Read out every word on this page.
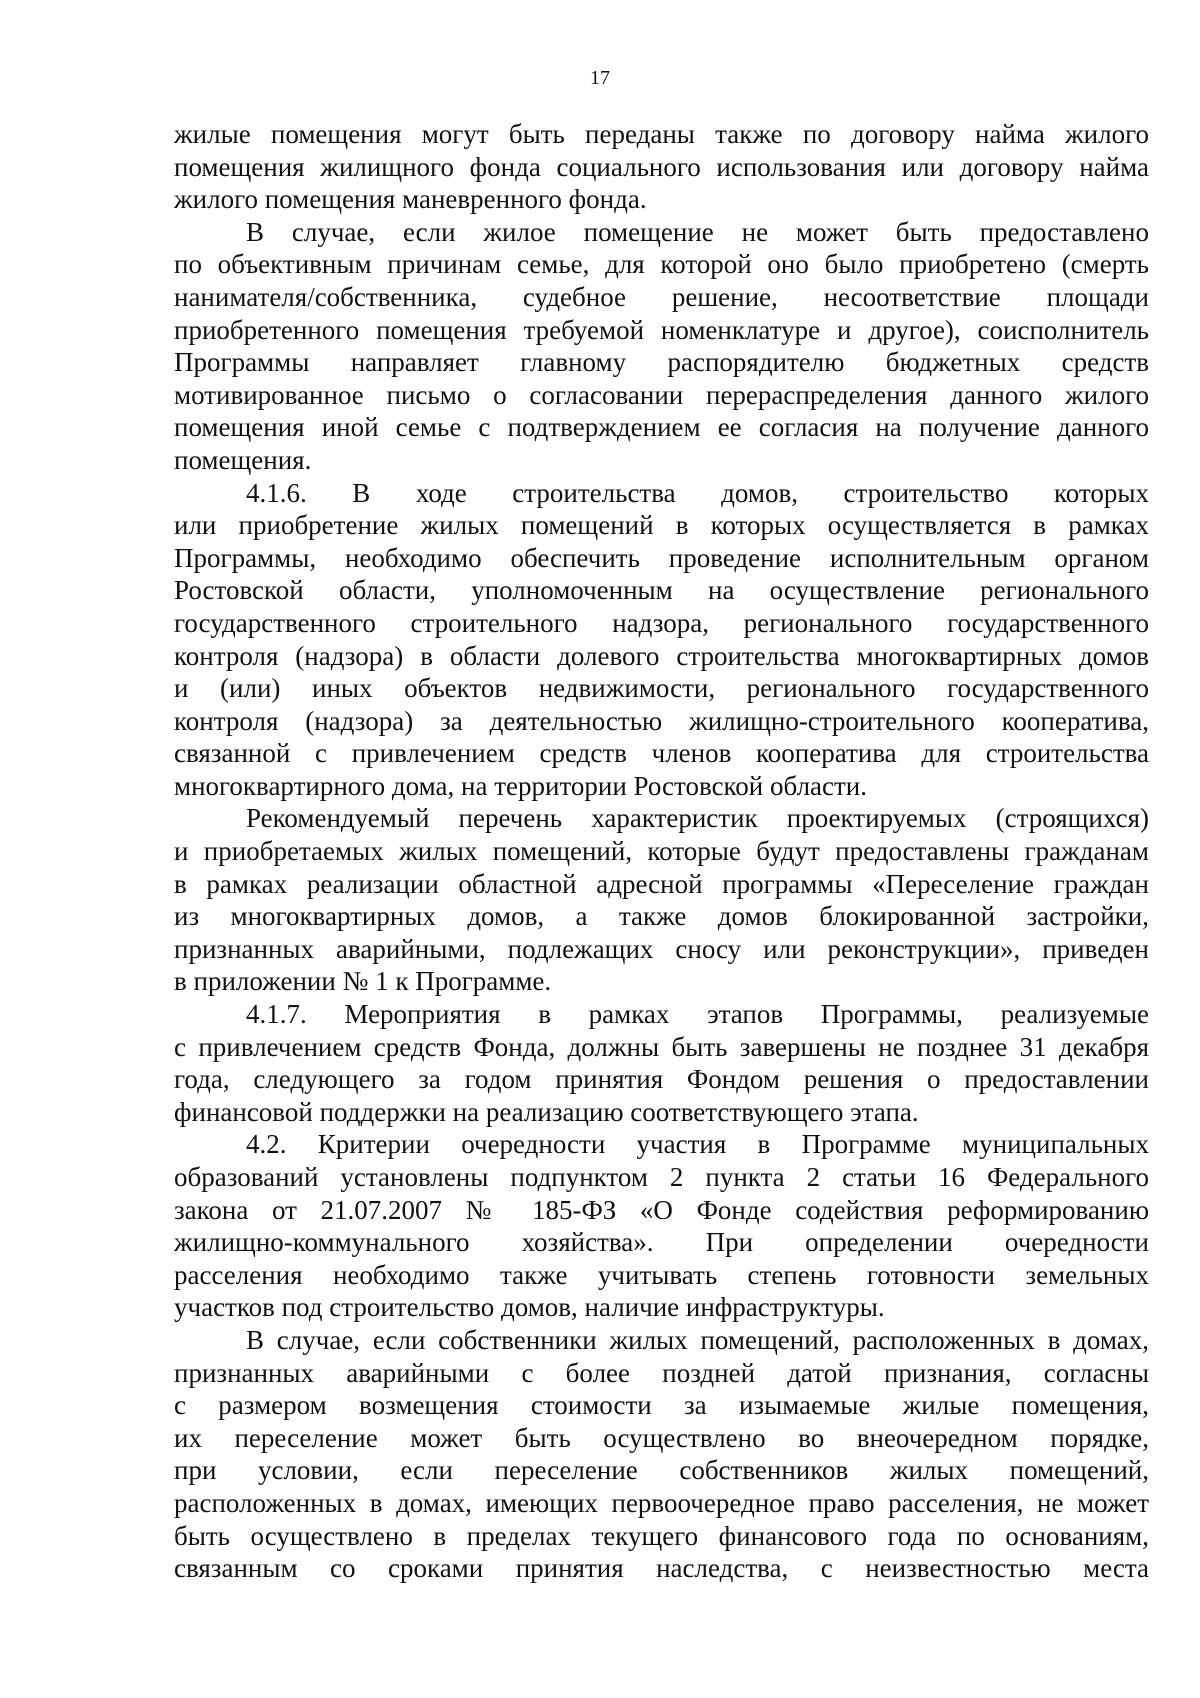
17

жилые помещения могут быть переданы также по договору найма жилого
помещения жилищного фонда социального использования или договору найма
жилого помещения маневренного фонда.

В случае, если жилое помещение не может быть предоставлено
по объективным причинам семье, для которой оно было приобретено (смерть
нанимателя/собственника, судебное решение, несоответствие площади
приобретенного помещения требуемой номенклатуре и другое), соисполнитель
Программы направляет главному распорядителю бюджетных средств
мотивированное письмо о согласовании перераспределения данного жилого
помещения иной семье с подтверждением ее согласия на получение данного
помещения.

4.1.6. В ходе строительства домов, строительство которых
или приобретение жилых помещений в которых осуществляется в рамках
Программы, необходимо обеспечить проведение исполнительным органом
Ростовской области, уполномоченным на осуществление регионального
государственного строительного надзора, регионального государственного
контроля (надзора) в области долевого строительства многоквартирных домов
и (или) иных объектов недвижимости, регионального государственного
контроля (надзора) за деятельностью жилищно-строительного кооператива,
связанной с привлечением средств членов кооператива для строительства
многоквартирного дома, на территории Ростовской области.

Рекомендуемый перечень характеристик проектируемых (строящихся)
и приобретаемых жилых помещений, которые будут предоставлены гражданам
в рамках реализации областной адресной программы «Переселение граждан
из многоквартирных домов, а также домов блокированной застройки,
признанных аварийными, подлежащих сносу или реконструкции», приведен
в приложении № 1 к Программе.

4.1.7. Мероприятия в рамках этапов Программы, реализуемые
с привлечением средств Фонда, должны быть завершены не позднее 31 декабря
года, следующего за годом принятия Фондом решения о предоставлении
финансовой поддержки на реализацию соответствующего этапа.

4.2. Критерии очередности участия в Программе муниципальных
образований установлены подпунктом 2 пункта 2 статьи 16 Федерального
закона от 21.07.2007 № 185-ФЗ «О Фонде содействия реформированию
жилищно-коммунального хозяйства». При определении очередности
расселения необходимо также учитывать степень готовности земельных
участков под строительство домов, наличие инфраструктуры.

В случае, если собственники жилых помещений, расположенных в домах,
признанных аварийными с более поздней датой признания, согласны
с размером возмещения стоимости за изымаемые жилые помещения,
их переселение может быть осуществлено во внеочередном порядке,
при условии, если переселение собственников жилых помещений,
расположенных в домах, имеющих первоочередное право расселения, не может
быть осуществлено в пределах текущего финансового года по основаниям,
связанным со сроками принятия наследства, с неизвестностью места
